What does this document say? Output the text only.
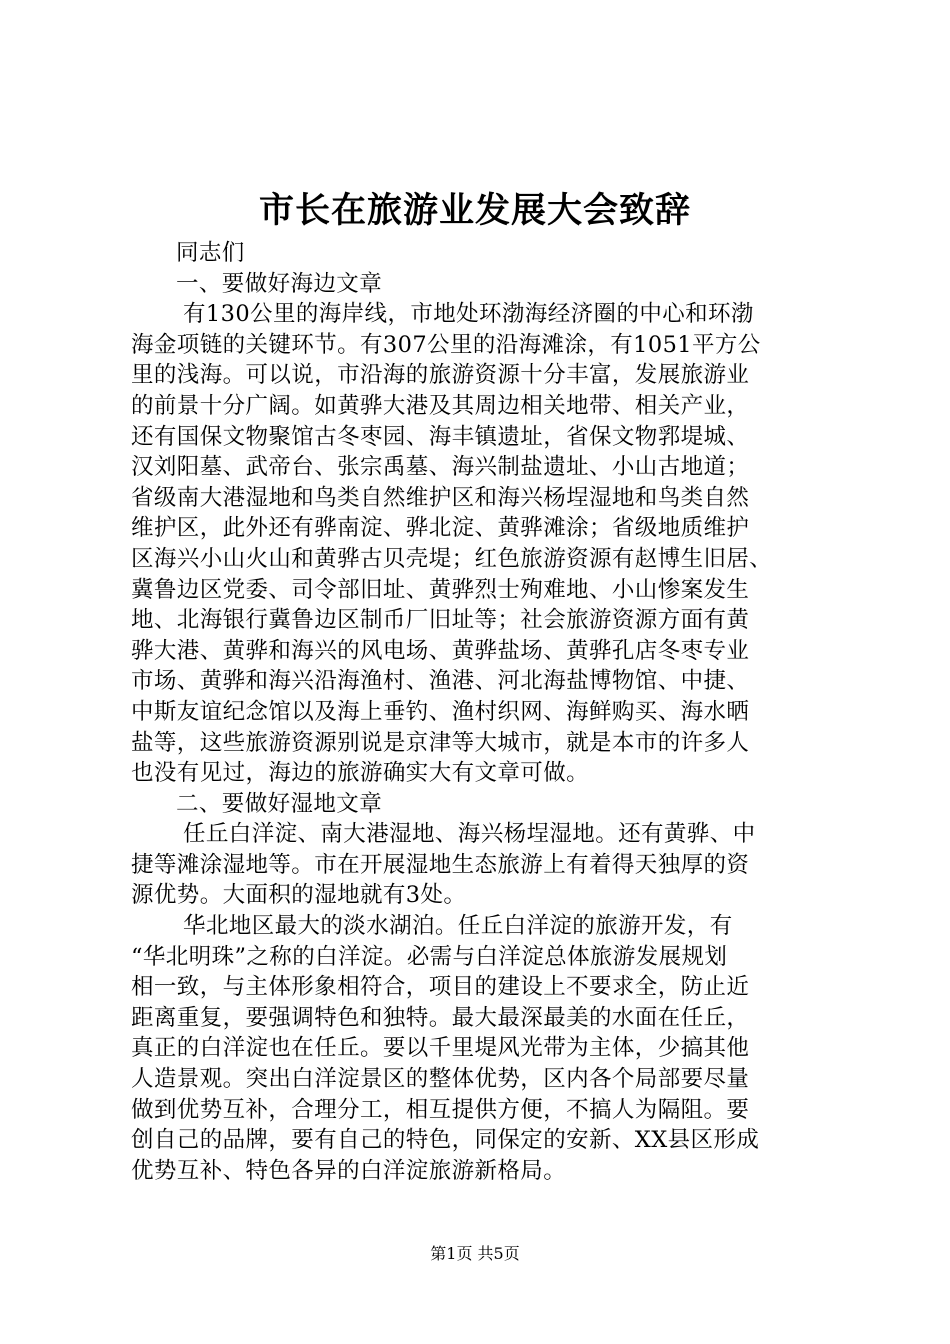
市长在旅游业发展大会致辞
同志们
一、要做好海边文章
有130公里的海岸线，市地处环渤海经济圈的中心和环渤
海金项链的关键环节。有307公里的沿海滩涂，有1051平方公
里的浅海。可以说，市沿海的旅游资源十分丰富，发展旅游业
的前景十分广阔。如黄骅大港及其周边相关地带、相关产业，
还有国保文物聚馆古冬枣园、海丰镇遗址，省保文物郛堤城、
汉刘阳墓、武帝台、张宗禹墓、海兴制盐遗址、小山古地道；
省级南大港湿地和鸟类自然维护区和海兴杨埕湿地和鸟类自然
维护区，此外还有骅南淀、骅北淀、黄骅滩涂；省级地质维护
区海兴小山火山和黄骅古贝壳堤；红色旅游资源有赵博生旧居、
冀鲁边区党委、司令部旧址、黄骅烈士殉难地、小山惨案发生
地、北海银行冀鲁边区制币厂旧址等；社会旅游资源方面有黄
骅大港、黄骅和海兴的风电场、黄骅盐场、黄骅孔店冬枣专业
市场、黄骅和海兴沿海渔村、渔港、河北海盐博物馆、中捷、
中斯友谊纪念馆以及海上垂钓、渔村织网、海鲜购买、海水晒
盐等，这些旅游资源别说是京津等大城市，就是本市的许多人
也没有见过，海边的旅游确实大有文章可做。
二、要做好湿地文章
任丘白洋淀、南大港湿地、海兴杨埕湿地。还有黄骅、中
捷等滩涂湿地等。市在开展湿地生态旅游上有着得天独厚的资
源优势。大面积的湿地就有3处。
华北地区最大的淡水湖泊。任丘白洋淀的旅游开发，有
“华北明珠”之称的白洋淀。必需与白洋淀总体旅游发展规划
相一致，与主体形象相符合，项目的建设上不要求全，防止近
距离重复，要强调特色和独特。最大最深最美的水面在任丘，
真正的白洋淀也在任丘。要以千里堤风光带为主体，少搞其他
人造景观。突出白洋淀景区的整体优势，区内各个局部要尽量
做到优势互补，合理分工，相互提供方便，不搞人为隔阻。要
创自己的品牌，要有自己的特色，同保定的安新、XX县区形成
优势互补、特色各异的白洋淀旅游新格局。
第1页 共5页
